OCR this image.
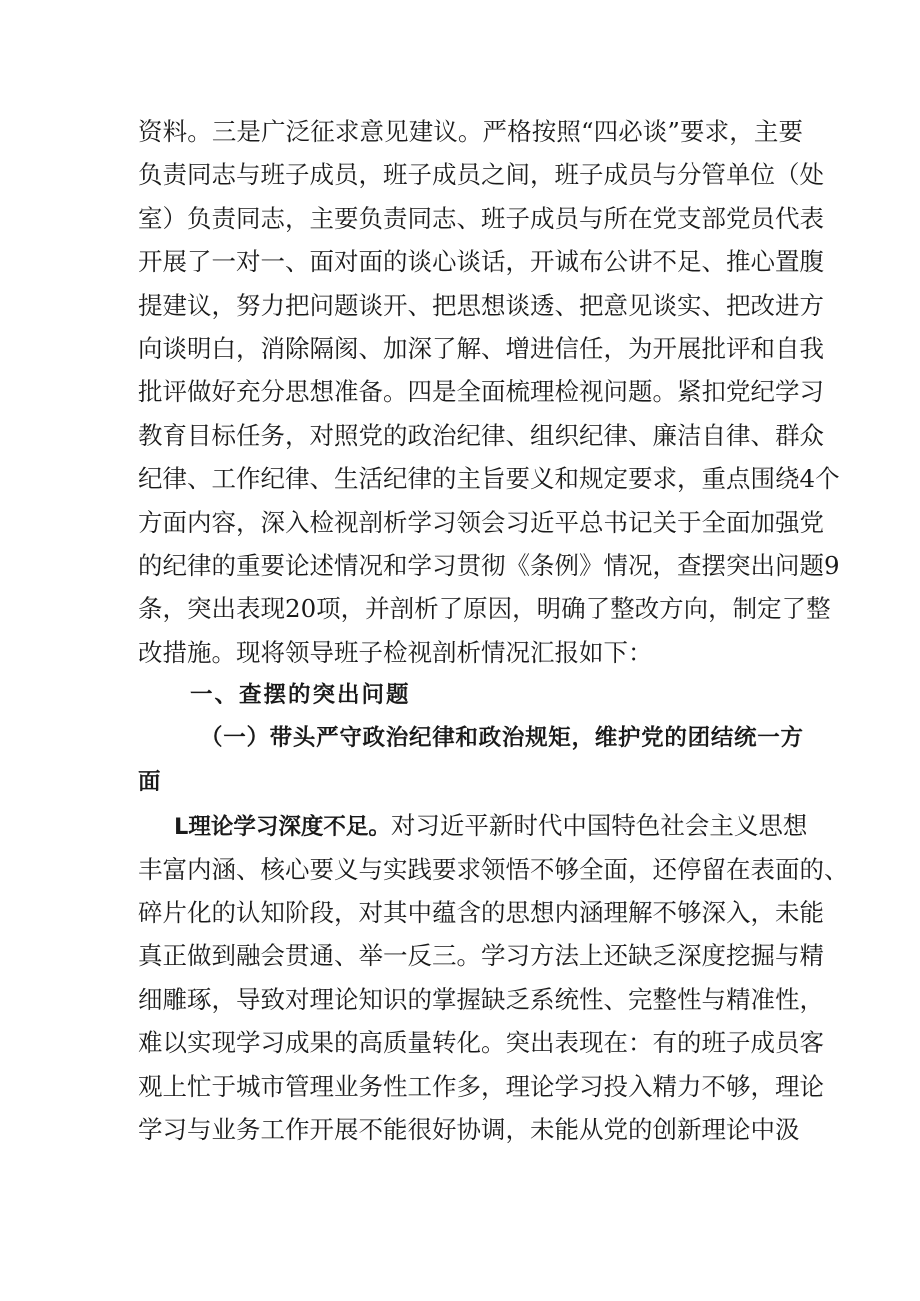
资料。三是广泛征求意见建议。严格按照“四必谈”要求，主要
负责同志与班子成员，班子成员之间，班子成员与分管单位（处
室）负责同志，主要负责同志、班子成员与所在党支部党员代表
开展了一对一、面对面的谈心谈话，开诚布公讲不足、推心置腹
提建议，努力把问题谈开、把思想谈透、把意见谈实、把改进方
向谈明白，消除隔阂、加深了解、增进信任，为开展批评和自我
批评做好充分思想准备。四是全面梳理检视问题。紧扣党纪学习
教育目标任务，对照党的政治纪律、组织纪律、廉洁自律、群众
纪律、工作纪律、生活纪律的主旨要义和规定要求，重点围绕4个
方面内容，深入检视剖析学习领会习近平总书记关于全面加强党
的纪律的重要论述情况和学习贯彻《条例》情况，查摆突出问题9
条，突出表现20项，并剖析了原因，明确了整改方向，制定了整
改措施。现将领导班子检视剖析情况汇报如下：
一、查摆的突出问题
（一）带头严守政治纪律和政治规矩，维护党的团结统一方
面
L理论学习深度不足。对习近平新时代中国特色社会主义思想
丰富内涵、核心要义与实践要求领悟不够全面，还停留在表面的、
碎片化的认知阶段，对其中蕴含的思想内涵理解不够深入，未能
真正做到融会贯通、举一反三。学习方法上还缺乏深度挖掘与精
细雕琢，导致对理论知识的掌握缺乏系统性、完整性与精准性，
难以实现学习成果的高质量转化。突出表现在：有的班子成员客
观上忙于城市管理业务性工作多，理论学习投入精力不够，理论
学习与业务工作开展不能很好协调，未能从党的创新理论中汲
